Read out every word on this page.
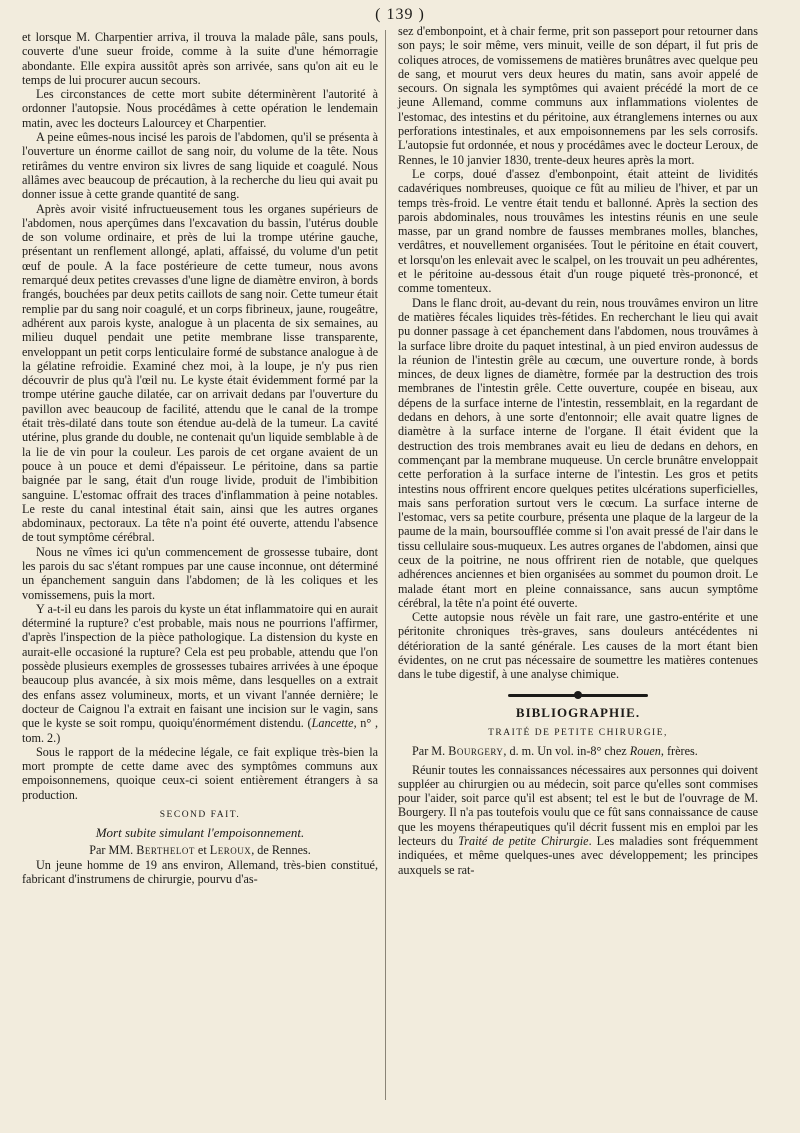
( 139 )

et lorsque M. Charpentier arriva, il trouva la malade pâle, sans pouls, couverte d'une sueur froide, comme à la suite d'une hémorragie abondante. Elle expira aussitôt après son arrivée, sans qu'on ait eu le temps de lui procurer aucun secours.

Les circonstances de cette mort subite déterminèrent l'autorité à ordonner l'autopsie. Nous procédâmes à cette opération le lendemain matin, avec les docteurs Lalourcey et Charpentier.

A peine eûmes-nous incisé les parois de l'abdomen, qu'il se présenta à l'ouverture un énorme caillot de sang noir, du volume de la tête. Nous retirâmes du ventre environ six livres de sang liquide et coagulé. Nous allâmes avec beaucoup de précaution, à la recherche du lieu qui avait pu donner issue à cette grande quantité de sang.

Après avoir visité infructueusement tous les organes supérieurs de l'abdomen, nous aperçûmes dans l'excavation du bassin, l'utérus double de son volume ordinaire, et près de lui la trompe utérine gauche, présentant un renflement allongé, aplati, affaissé, du volume d'un petit œuf de poule. A la face postérieure de cette tumeur, nous avons remarqué deux petites crevasses d'une ligne de diamètre environ, à bords frangés, bouchées par deux petits caillots de sang noir. Cette tumeur était remplie par du sang noir coagulé, et un corps fibrineux, jaune, rougeâtre, adhérent aux parois kyste, analogue à un placenta de six semaines, au milieu duquel pendait une petite membrane lisse transparente, enveloppant un petit corps lenticulaire formé de substance analogue à de la gélatine refroidie. Examiné chez moi, à la loupe, je n'y pus rien découvrir de plus qu'à l'œil nu. Le kyste était évidemment formé par la trompe utérine gauche dilatée, car on arrivait dedans par l'ouverture du pavillon avec beaucoup de facilité, attendu que le canal de la trompe était très-dilaté dans toute son étendue au-delà de la tumeur. La cavité utérine, plus grande du double, ne contenait qu'un liquide semblable à de la lie de vin pour la couleur. Les parois de cet organe avaient de un pouce à un pouce et demi d'épaisseur. Le péritoine, dans sa partie baignée par le sang, était d'un rouge livide, produit de l'imbibition sanguine. L'estomac offrait des traces d'inflammation à peine notables. Le reste du canal intestinal était sain, ainsi que les autres organes abdominaux, pectoraux. La tête n'a point été ouverte, attendu l'absence de tout symptôme cérébral.

Nous ne vîmes ici qu'un commencement de grossesse tubaire, dont les parois du sac s'étant rompues par une cause inconnue, ont déterminé un épanchement sanguin dans l'abdomen; de là les coliques et les vomissemens, puis la mort.

Y a-t-il eu dans les parois du kyste un état inflammatoire qui en aurait déterminé la rupture? c'est probable, mais nous ne pourrions l'affirmer, d'après l'inspection de la pièce pathologique. La distension du kyste en aurait-elle occasioné la rupture? Cela est peu probable, attendu que l'on possède plusieurs exemples de grossesses tubaires arrivées à une époque beaucoup plus avancée, à six mois même, dans lesquelles on a extrait des enfans assez volumineux, morts, et un vivant l'année dernière; le docteur de Caignou l'a extrait en faisant une incision sur le vagin, sans que le kyste se soit rompu, quoiqu'énormément distendu. (Lancette, n° , tom. 2.)

Sous le rapport de la médecine légale, ce fait explique très-bien la mort prompte de cette dame avec des symptômes communs aux empoisonnemens, quoique ceux-ci soient entièrement étrangers à sa production.

SECOND FAIT.
Mort subite simulant l'empoisonnement.
Par MM. Berthelot et Leroux, de Rennes.

Un jeune homme de 19 ans environ, Allemand, très-bien constitué, fabricant d'instrumens de chirurgie, pourvu d'as-

sez d'embonpoint, et à chair ferme, prit son passeport pour retourner dans son pays; le soir même, vers minuit, veille de son départ, il fut pris de coliques atroces, de vomissemens de matières brunâtres avec quelque peu de sang, et mourut vers deux heures du matin, sans avoir appelé de secours. On signala les symptômes qui avaient précédé la mort de ce jeune Allemand, comme communs aux inflammations violentes de l'estomac, des intestins et du péritoine, aux étranglemens internes ou aux perforations intestinales, et aux empoisonnemens par les sels corrosifs. L'autopsie fut ordonnée, et nous y procédâmes avec le docteur Leroux, de Rennes, le 10 janvier 1830, trente-deux heures après la mort.

Le corps, doué d'assez d'embonpoint, était atteint de lividités cadavériques nombreuses, quoique ce fût au milieu de l'hiver, et par un temps très-froid. Le ventre était tendu et ballonné. Après la section des parois abdominales, nous trouvâmes les intestins réunis en une seule masse, par un grand nombre de fausses membranes molles, blanches, verdâtres, et nouvellement organisées. Tout le péritoine en était couvert, et lorsqu'on les enlevait avec le scalpel, on les trouvait un peu adhérentes, et le péritoine au-dessous était d'un rouge piqueté très-prononcé, et comme tomenteux.

Dans le flanc droit, au-devant du rein, nous trouvâmes environ un litre de matières fécales liquides très-fétides. En recherchant le lieu qui avait pu donner passage à cet épanchement dans l'abdomen, nous trouvâmes à la surface libre droite du paquet intestinal, à un pied environ audessus de la réunion de l'intestin grêle au cœcum, une ouverture ronde, à bords minces, de deux lignes de diamètre, formée par la destruction des trois membranes de l'intestin grêle. Cette ouverture, coupée en biseau, aux dépens de la surface interne de l'intestin, ressemblait, en la regardant de dedans en dehors, à une sorte d'entonnoir; elle avait quatre lignes de diamètre à la surface interne de l'organe. Il était évident que la destruction des trois membranes avait eu lieu de dedans en dehors, en commençant par la membrane muqueuse. Un cercle brunâtre enveloppait cette perforation à la surface interne de l'intestin. Les gros et petits intestins nous offrirent encore quelques petites ulcérations superficielles, mais sans perforation surtout vers le cœcum. La surface interne de l'estomac, vers sa petite courbure, présenta une plaque de la largeur de la paume de la main, boursoufflée comme si l'on avait pressé de l'air dans le tissu cellulaire sous-muqueux. Les autres organes de l'abdomen, ainsi que ceux de la poitrine, ne nous offrirent rien de notable, que quelques adhérences anciennes et bien organisées au sommet du poumon droit. Le malade étant mort en pleine connaissance, sans aucun symptôme cérébral, la tête n'a point été ouverte.

Cette autopsie nous révèle un fait rare, une gastro-entérite et une péritonite chroniques très-graves, sans douleurs antécédentes ni détérioration de la santé générale. Les causes de la mort étant bien évidentes, on ne crut pas nécessaire de soumettre les matières contenues dans le tube digestif, à une analyse chimique.

BIBLIOGRAPHIE.
TRAITÉ DE PETITE CHIRURGIE,

Par M. Bourgery, d. m. Un vol. in-8° chez Rouen, frères.

Réunir toutes les connaissances nécessaires aux personnes qui doivent suppléer au chirurgien ou au médecin, soit parce qu'elles sont commises pour l'aider, soit parce qu'il est absent; tel est le but de l'ouvrage de M. Bourgery. Il n'a pas toutefois voulu que ce fût sans connaissance de cause que les moyens thérapeutiques qu'il décrit fussent mis en emploi par les lecteurs du Traité de petite Chirurgie. Les maladies sont fréquemment indiquées, et même quelques-unes avec développement; les principes auxquels se rat-
